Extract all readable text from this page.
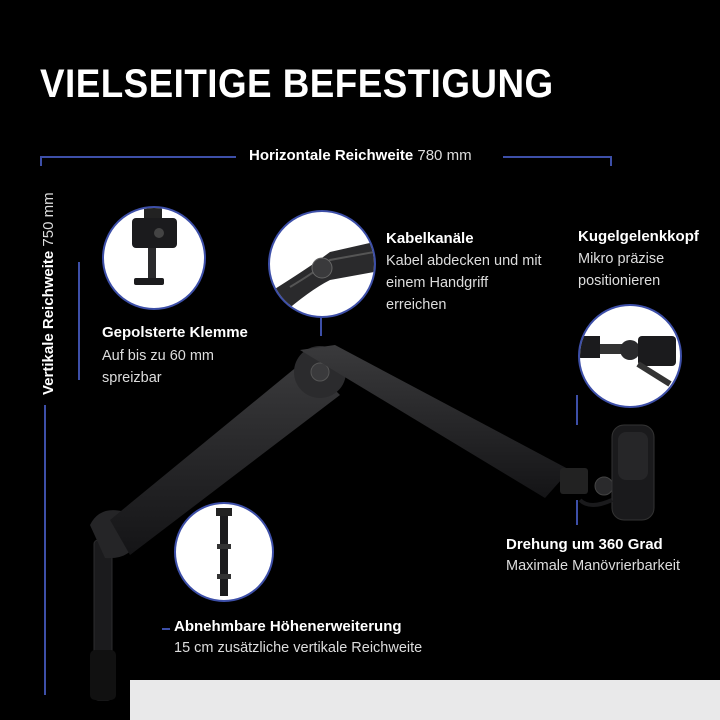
VIELSEITIGE BEFESTIGUNG
Horizontale Reichweite 780 mm
Vertikale Reichweite 750 mm
Gepolsterte Klemme
Auf bis zu 60 mm
spreizbar
Kabelkanäle
Kabel abdecken und mit
einem Handgriff
erreichen
Kugelgelenkkopf
Mikro präzise
positionieren
Drehung um 360 Grad
Maximale Manövrierbarkeit
Abnehmbare Höhenerweiterung
15 cm zusätzliche vertikale Reichweite
